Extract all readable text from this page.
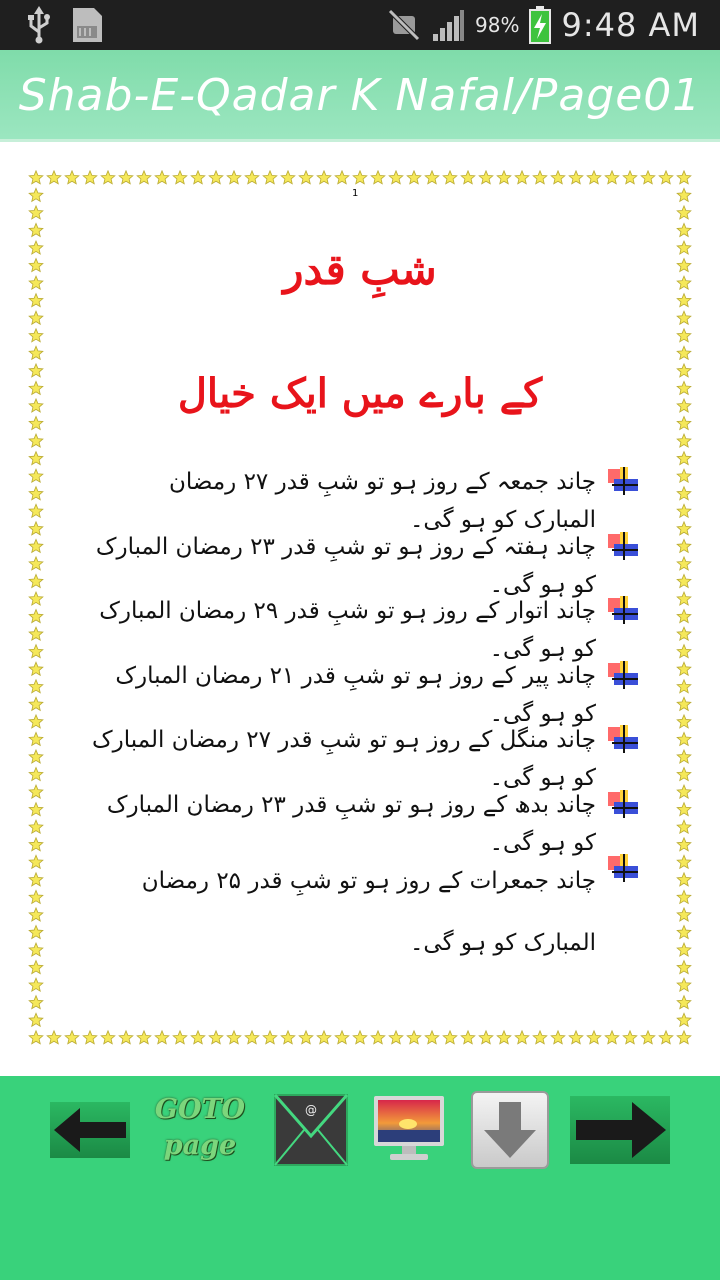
98% 9:48 AM
Shab-E-Qadar K Nafal/Page01
1
شبِ قدر
کے بارے میں ایک خیال
چاند جمعہ کے روز ہو تو شبِ قدر ۲۷ رمضان المبارک کو ہو گی۔
چاند ہفتہ کے روز ہو تو شبِ قدر ۲۳ رمضان المبارک کو ہو گی۔
چاند اتوار کے روز ہو تو شبِ قدر ۲۹ رمضان المبارک کو ہو گی۔
چاند پیر کے روز ہو تو شبِ قدر ۲۱ رمضان المبارک کو ہو گی۔
چاند منگل کے روز ہو تو شبِ قدر ۲۷ رمضان المبارک کو ہو گی۔
چاند بدھ کے روز ہو تو شبِ قدر ۲۳ رمضان المبارک کو ہو گی۔
چاند جمعرات کے روز ہو تو شبِ قدر ۲۵ رمضان المبارک کو ہو گی۔
GOTO
page
@
